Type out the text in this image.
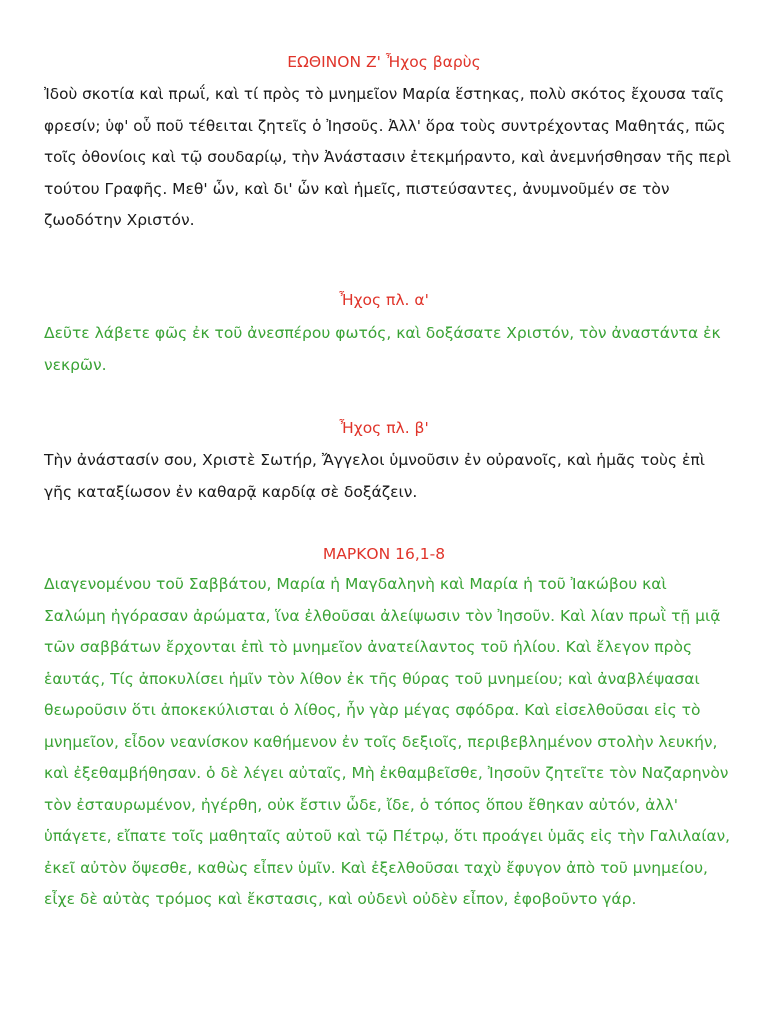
ΕΩΘΙΝΟΝ Ζ' Ἦχος βαρὺς
Ἰδοὺ σκοτία καὶ πρωΐ, καὶ τί πρὸς τὸ μνημεῖον Μαρία ἕστηκας, πολὺ σκότος ἔχουσα ταῖς
φρεσίν; ὑφ' οὗ ποῦ τέθειται ζητεῖς ὁ Ἰησοῦς. Ἀλλ' ὅρα τοὺς συντρέχοντας Μαθητάς, πῶς
τοῖς ὀθονίοις καὶ τῷ σουδαρίῳ, τὴν Ἀνάστασιν ἐτεκμήραντο, καὶ ἀνεμνήσθησαν τῆς περὶ
τούτου Γραφῆς. Μεθ' ὧν, καὶ δι' ὧν καὶ ἡμεῖς, πιστεύσαντες, ἀνυμνοῦμέν σε τὸν
ζωοδότην Χριστόν.
Ἦχος πλ. α'
Δεῦτε λάβετε φῶς ἐκ τοῦ ἀνεσπέρου φωτός, καὶ δοξάσατε Χριστόν, τὸν ἀναστάντα ἐκ
νεκρῶν.
Ἦχος πλ. β'
Τὴν ἀνάστασίν σου, Χριστὲ Σωτήρ, Ἄγγελοι ὑμνοῦσιν ἐν οὐρανοῖς, καὶ ἡμᾶς τοὺς ἐπὶ
γῆς καταξίωσον ἐν καθαρᾷ καρδίᾳ σὲ δοξάζειν.
ΜΑΡΚΟΝ 16,1-8
Διαγενομένου τοῦ Σαββάτου, Μαρία ἡ Μαγδαληνὴ καὶ Μαρία ἡ τοῦ Ἰακώβου καὶ
Σαλώμη ἠγόρασαν ἀρώματα, ἵνα ἐλθοῦσαι ἀλείψωσιν τὸν Ἰησοῦν. Καὶ λίαν πρωῒ τῇ μιᾷ
τῶν σαββάτων ἔρχονται ἐπὶ τὸ μνημεῖον ἀνατείλαντος τοῦ ἡλίου. Καὶ ἔλεγον πρὸς
ἑαυτάς, Τίς ἀποκυλίσει ἡμῖν τὸν λίθον ἐκ τῆς θύρας τοῦ μνημείου; καὶ ἀναβλέψασαι
θεωροῦσιν ὅτι ἀποκεκύλισται ὁ λίθος, ἦν γὰρ μέγας σφόδρα. Καὶ εἰσελθοῦσαι εἰς τὸ
μνημεῖον, εἶδον νεανίσκον καθήμενον ἐν τοῖς δεξιοῖς, περιβεβλημένον στολὴν λευκήν,
καὶ ἐξεθαμβήθησαν. ὁ δὲ λέγει αὐταῖς, Μὴ ἐκθαμβεῖσθε, Ἰησοῦν ζητεῖτε τὸν Ναζαρηνὸν
τὸν ἐσταυρωμένον, ἠγέρθη, οὐκ ἔστιν ὧδε, ἴδε, ὁ τόπος ὅπου ἔθηκαν αὐτόν, ἀλλ'
ὑπάγετε, εἴπατε τοῖς μαθηταῖς αὐτοῦ καὶ τῷ Πέτρῳ, ὅτι προάγει ὑμᾶς εἰς τὴν Γαλιλαίαν,
ἐκεῖ αὐτὸν ὄψεσθε, καθὼς εἶπεν ὑμῖν. Καὶ ἐξελθοῦσαι ταχὺ ἔφυγον ἀπὸ τοῦ μνημείου,
εἶχε δὲ αὐτὰς τρόμος καὶ ἔκστασις, καὶ οὐδενὶ οὐδὲν εἶπον, ἐφοβοῦντο γάρ.
